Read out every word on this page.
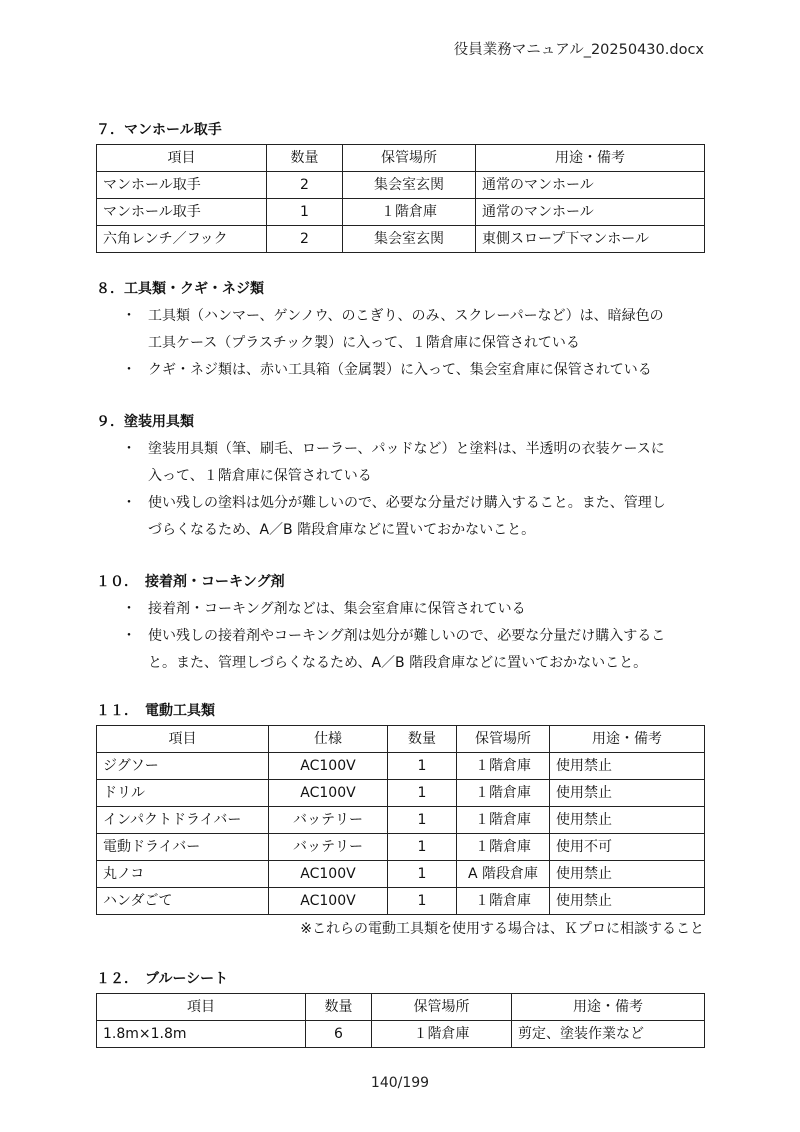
役員業務マニュアル_20250430.docx
７．マンホール取手
項目	数量	保管場所	用途・備考
マンホール取手	2	集会室玄関	通常のマンホール
マンホール取手	1	１階倉庫	通常のマンホール
六角レンチ／フック	2	集会室玄関	東側スロープ下マンホール
８．工具類・クギ・ネジ類
・ 工具類（ハンマー、ゲンノウ、のこぎり、のみ、スクレーパーなど）は、暗緑色の
工具ケース（プラスチック製）に入って、１階倉庫に保管されている
・ クギ・ネジ類は、赤い工具箱（金属製）に入って、集会室倉庫に保管されている
９．塗装用具類
・ 塗装用具類（筆、刷毛、ローラー、パッドなど）と塗料は、半透明の衣装ケースに
入って、１階倉庫に保管されている
・ 使い残しの塗料は処分が難しいので、必要な分量だけ購入すること。また、管理し
づらくなるため、A／B 階段倉庫などに置いておかないこと。
１０．　接着剤・コーキング剤
・ 接着剤・コーキング剤などは、集会室倉庫に保管されている
・ 使い残しの接着剤やコーキング剤は処分が難しいので、必要な分量だけ購入するこ
と。また、管理しづらくなるため、A／B 階段倉庫などに置いておかないこと。
１１．　電動工具類
項目	仕様	数量	保管場所	用途・備考
ジグソー	AC100V	1	１階倉庫	使用禁止
ドリル	AC100V	1	１階倉庫	使用禁止
インパクトドライバー	バッテリー	1	１階倉庫	使用禁止
電動ドライバー	バッテリー	1	１階倉庫	使用不可
丸ノコ	AC100V	1	A 階段倉庫	使用禁止
ハンダごて	AC100V	1	１階倉庫	使用禁止
※これらの電動工具類を使用する場合は、Ｋプロに相談すること
１２．　ブルーシート
項目	数量	保管場所	用途・備考
1.8m×1.8m	6	１階倉庫	剪定、塗装作業など
140/199
